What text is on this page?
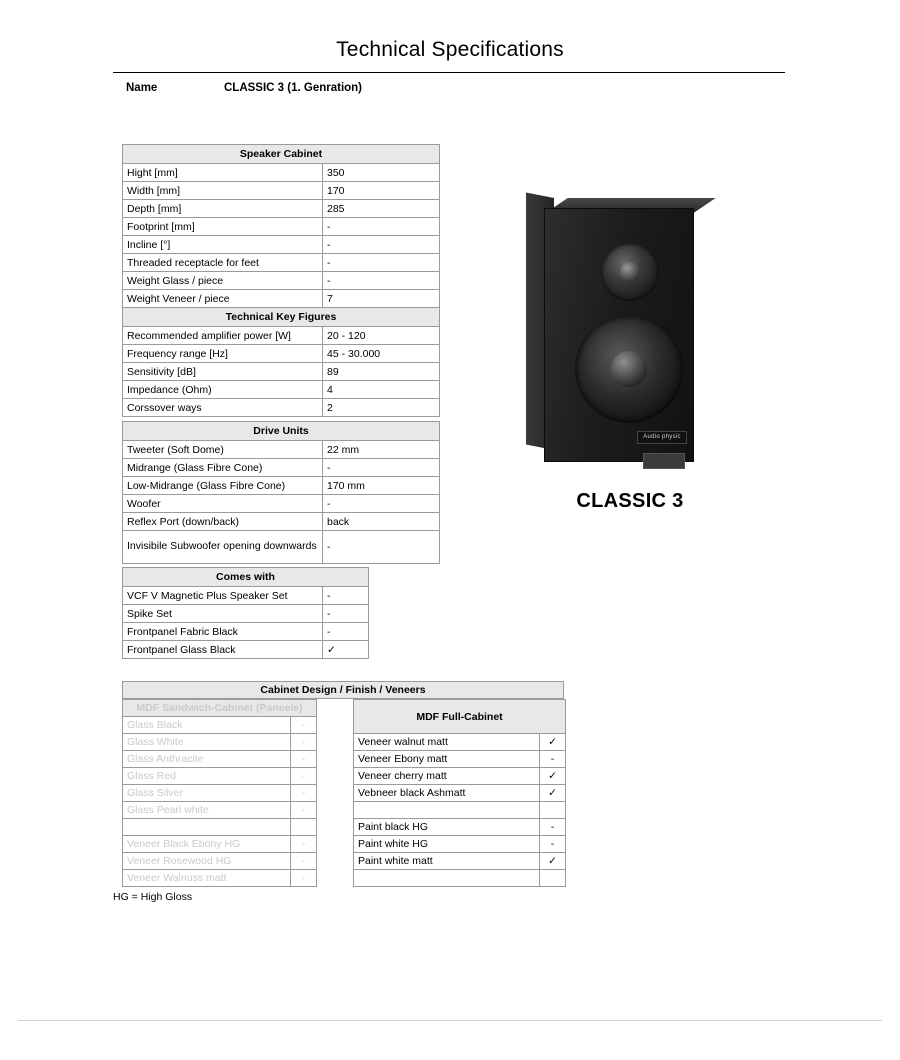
Technical Specifications
Name	CLASSIC 3 (1. Genration)
Speaker Cabinet	
Hight [mm]	350
Width [mm]	170
Depth [mm]	285
Footprint [mm]	-
Incline [°]	-
Threaded receptacle for feet	-
Weight Glass / piece	-
Weight Veneer / piece	7
Technical Key Figures	
Recommended amplifier power [W]	20 - 120
Frequency range [Hz]	45 - 30.000
Sensitivity [dB]	89
Impedance (Ohm)	4
Corssover ways	2
Drive Units	
Tweeter (Soft Dome)	22 mm
Midrange (Glass Fibre Cone)	-
Low-Midrange (Glass Fibre Cone)	170 mm
Woofer	-
Reflex Port (down/back)	back
Invisibile Subwoofer opening downwards	-
Comes with	
VCF V Magnetic Plus Speaker Set	-
Spike Set	-
Frontpanel Fabric Black	-
Frontpanel Glass Black	✓
Cabinet Design / Finish / Veneers
MDF Sandwich-Cabinet (Paneele)	
Glass Black	-
Glass White	-
Glass Anthracite	-
Glass Red	-
Glass Silver	-
Glass Pearl white	-

Veneer Black Ebony HG	-
Veneer Rosewood HG	-
Veneer Walnuss matt	-
MDF Full-Cabinet	
Veneer walnut matt	✓
Veneer Ebony matt	-
Veneer cherry matt	✓
Vebneer black Ashmatt	✓

Paint black HG	-
Paint white HG	-
Paint white matt	✓

HG = High Gloss
Audio physic
CLASSIC 3
